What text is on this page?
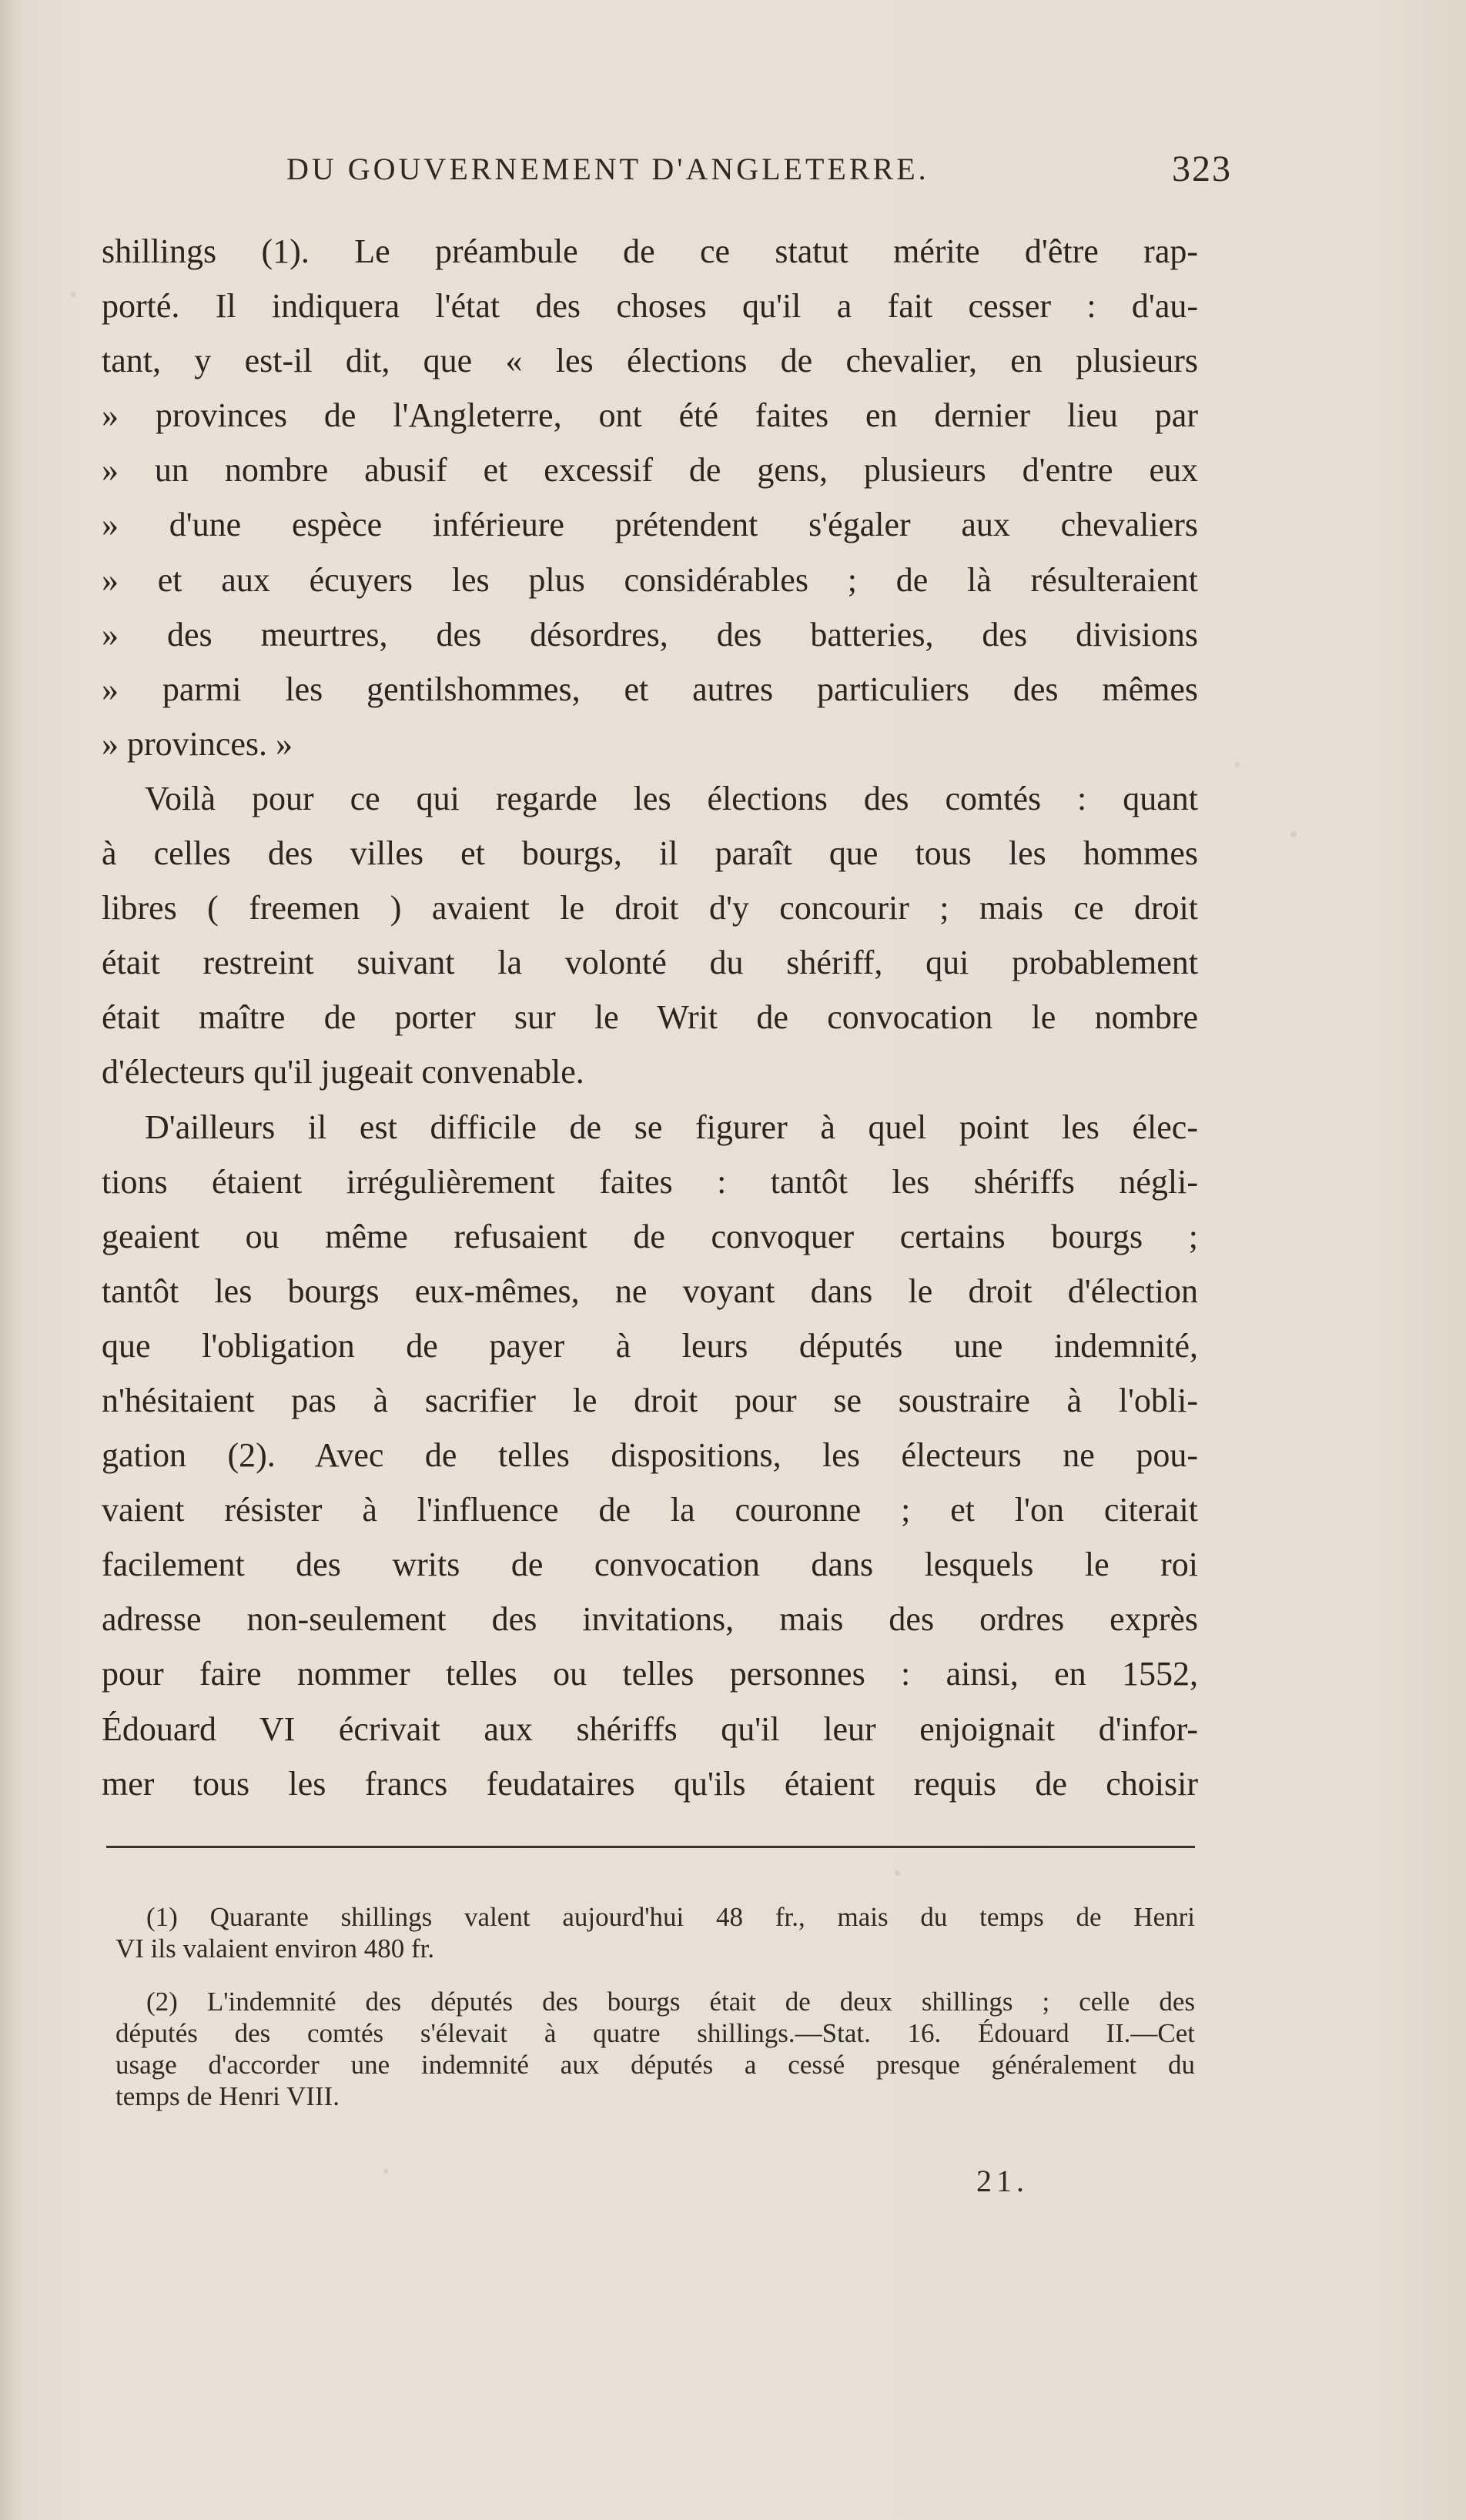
DU GOUVERNEMENT D'ANGLETERRE.	323
shillings (1). Le préambule de ce statut mérite d'être rap-
porté. Il indiquera l'état des choses qu'il a fait cesser : d'au-
tant, y est-il dit, que « les élections de chevalier, en plusieurs
» provinces de l'Angleterre, ont été faites en dernier lieu par
» un nombre abusif et excessif de gens, plusieurs d'entre eux
» d'une espèce inférieure prétendent s'égaler aux chevaliers
» et aux écuyers les plus considérables ; de là résulteraient
» des meurtres, des désordres, des batteries, des divisions
» parmi les gentilshommes, et autres particuliers des mêmes
» provinces. »
Voilà pour ce qui regarde les élections des comtés : quant
à celles des villes et bourgs, il paraît que tous les hommes
libres ( freemen ) avaient le droit d'y concourir ; mais ce droit
était restreint suivant la volonté du shériff, qui probablement
était maître de porter sur le Writ de convocation le nombre
d'électeurs qu'il jugeait convenable.
D'ailleurs il est difficile de se figurer à quel point les élec-
tions étaient irrégulièrement faites : tantôt les shériffs négli-
geaient ou même refusaient de convoquer certains bourgs ;
tantôt les bourgs eux-mêmes, ne voyant dans le droit d'élection
que l'obligation de payer à leurs députés une indemnité,
n'hésitaient pas à sacrifier le droit pour se soustraire à l'obli-
gation (2). Avec de telles dispositions, les électeurs ne pou-
vaient résister à l'influence de la couronne ; et l'on citerait
facilement des writs de convocation dans lesquels le roi
adresse non-seulement des invitations, mais des ordres exprès
pour faire nommer telles ou telles personnes : ainsi, en 1552,
Édouard VI écrivait aux shériffs qu'il leur enjoignait d'infor-
mer tous les francs feudataires qu'ils étaient requis de choisir
(1) Quarante shillings valent aujourd'hui 48 fr., mais du temps de Henri
VI ils valaient environ 480 fr.
(2) L'indemnité des députés des bourgs était de deux shillings ; celle des
députés des comtés s'élevait à quatre shillings.—Stat. 16. Édouard II.—Cet
usage d'accorder une indemnité aux députés a cessé presque généralement du
temps de Henri VIII.
21.
